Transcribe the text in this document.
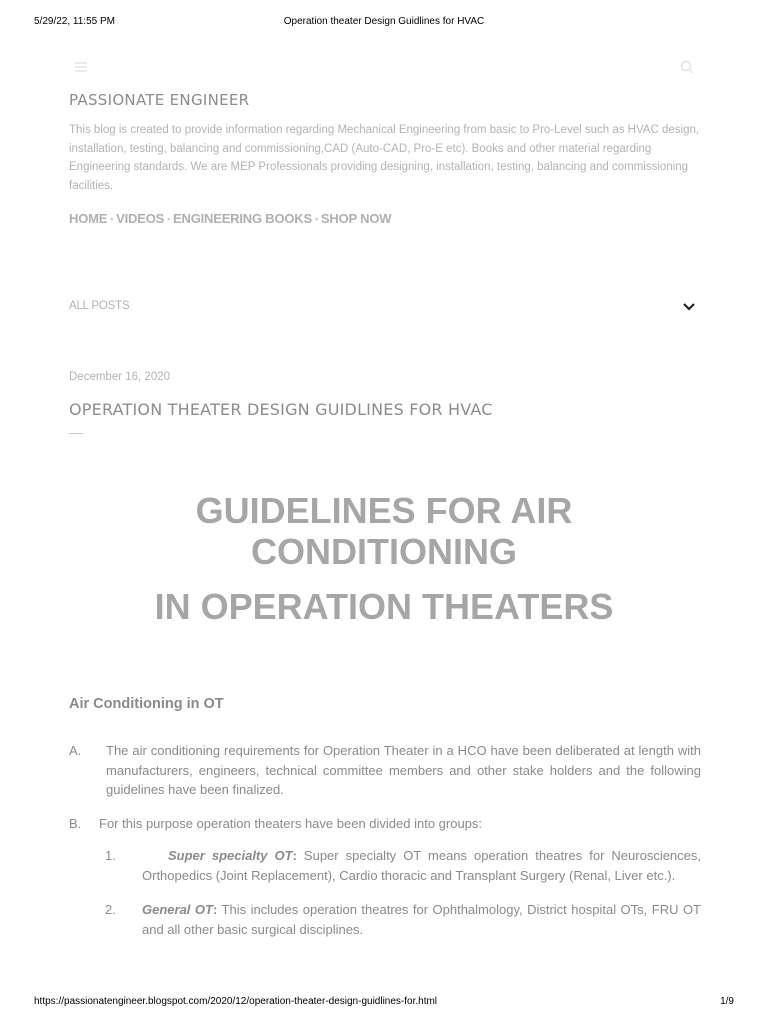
5/29/22, 11:55 PM	Operation theater Design Guidlines for HVAC
PASSIONATE ENGINEER
This blog is created to provide information regarding Mechanical Engineering from basic to Pro-Level such as HVAC design, installation, testing, balancing and commissioning,CAD (Auto-CAD, Pro-E etc). Books and other material regarding Engineering standards. We are MEP Professionals providing designing, installation, testing, balancing and commissioning facilities.
HOME • VIDEOS • ENGINEERING BOOKS • SHOP NOW
ALL POSTS
December 16, 2020
OPERATION THEATER DESIGN GUIDLINES FOR HVAC
GUIDELINES FOR AIR
CONDITIONING
IN OPERATION THEATERS
Air Conditioning in OT
A. The air conditioning requirements for Operation Theater in a HCO have been deliberated at length with manufacturers, engineers, technical committee members and other stake holders and the following guidelines have been finalized.
B. For this purpose operation theaters have been divided into groups:
1.	Super specialty OT: Super specialty OT means operation theatres for Neurosciences, Orthopedics (Joint Replacement), Cardio thoracic and Transplant Surgery (Renal, Liver etc.).
2. General OT: This includes operation theatres for Ophthalmology, District hospital OTs, FRU OT and all other basic surgical disciplines.
https://passionatengineer.blogspot.com/2020/12/operation-theater-design-guidlines-for.html	1/9
